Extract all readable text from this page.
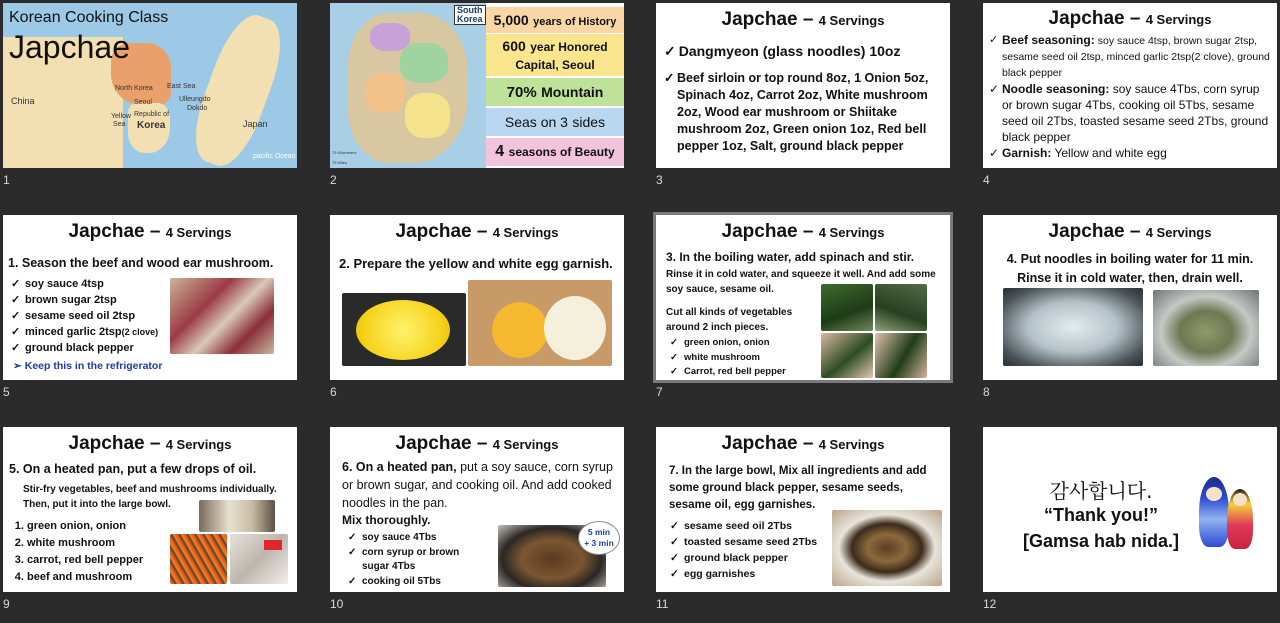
China
North Korea
Seoul
Republic of
Korea
East Sea
Yellow
Sea
Ulleungdo
Dokdo
Japan
pacific Ocean
Korean Cooking Class
Japchae
1
South
Korea
75 Kilometers
75 Miles
5,000 years of History
600 year Honored Capital, Seoul
70% Mountain
Seas on 3 sides
4 seasons of Beauty
2
Japchae – 4 Servings
✓ Dangmyeon (glass noodles) 10oz
✓ Beef sirloin or top round 8oz, 1 Onion 5oz, Spinach 4oz, Carrot 2oz, White mushroom 2oz, Wood ear mushroom or Shiitake mushroom 2oz, Green onion 1oz, Red bell pepper 1oz, Salt, ground black pepper
3
Japchae – 4 Servings
✓ Beef seasoning: soy sauce 4tsp, brown sugar 2tsp, sesame seed oil 2tsp, minced garlic 2tsp(2 clove), ground black pepper
✓ Noodle seasoning: soy sauce 4Tbs, corn syrup or brown sugar 4Tbs, cooking oil 5Tbs, sesame seed oil 2Tbs, toasted sesame seed 2Tbs, ground black pepper
✓ Garnish: Yellow and white egg
4
Japchae – 4 Servings
1. Season the beef and wood ear mushroom.
✓ soy sauce 4tsp
✓ brown sugar 2tsp
✓ sesame seed oil 2tsp
✓ minced garlic 2tsp(2 clove)
✓ ground black pepper
➢ Keep this in the refrigerator
5
Japchae – 4 Servings
2. Prepare the yellow and white egg garnish.
6
Japchae – 4 Servings
3. In the boiling water, add spinach and stir.
Rinse it in cold water, and squeeze it well. And add some soy sauce, sesame oil.
Cut all kinds of vegetables around 2 inch pieces.
✓ green onion, onion
✓ white mushroom
✓ Carrot, red bell pepper
7
Japchae – 4 Servings
4. Put noodles in boiling water for 11 min.
Rinse it in cold water, then, drain well.
8
Japchae – 4 Servings
5. On a heated pan, put a few drops of oil.
Stir-fry vegetables, beef and mushrooms individually. Then, put it into the large bowl.
1. green onion, onion
2. white mushroom
3. carrot, red bell pepper
4. beef and mushroom
9
Japchae – 4 Servings
6. On a heated pan, put a soy sauce, corn syrup or brown sugar, and cooking oil. And add cooked noodles in the pan.
Mix thoroughly.
✓ soy sauce 4Tbs
✓ corn syrup or brown sugar 4Tbs
✓ cooking oil 5Tbs
5 min
+ 3 min
10
Japchae – 4 Servings
7. In the large bowl, Mix all ingredients and add some ground black pepper, sesame seeds, sesame oil, egg garnishes.
✓ sesame seed oil 2Tbs
✓ toasted sesame seed 2Tbs
✓ ground black pepper
✓ egg garnishes
11
감사합니다.
“Thank you!”
[Gamsa hab nida.]
12
